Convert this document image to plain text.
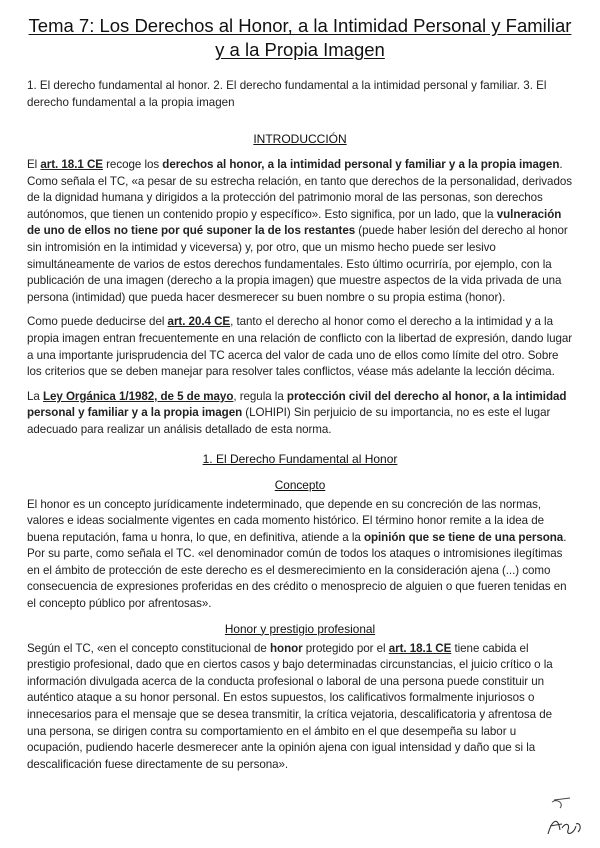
Tema 7: Los Derechos al Honor, a la Intimidad Personal y Familiar y a la Propia Imagen
1. El derecho fundamental al honor. 2. El derecho fundamental a la intimidad personal y familiar. 3. El derecho fundamental a la propia imagen
INTRODUCCIÓN

El art. 18.1 CE recoge los derechos al honor, a la intimidad personal y familiar y a la propia imagen. Como señala el TC, «a pesar de su estrecha relación, en tanto que derechos de la personalidad, derivados de la dignidad humana y dirigidos a la protección del patrimonio moral de las personas, son derechos autónomos, que tienen un contenido propio y específico». Esto significa, por un lado, que la vulneración de uno de ellos no tiene por qué suponer la de los restantes (puede haber lesión del derecho al honor sin intromisión en la intimidad y viceversa) y, por otro, que un mismo hecho puede ser lesivo simultáneamente de varios de estos derechos fundamentales. Esto último ocurriría, por ejemplo, con la publicación de una imagen (derecho a la propia imagen) que muestre aspectos de la vida privada de una persona (intimidad) que pueda hacer desmerecer su buen nombre o su propia estima (honor).

Como puede deducirse del art. 20.4 CE, tanto el derecho al honor como el derecho a la intimidad y a la propia imagen entran frecuentemente en una relación de conflicto con la libertad de expresión, dando lugar a una importante jurisprudencia del TC acerca del valor de cada uno de ellos como límite del otro. Sobre los criterios que se deben manejar para resolver tales conflictos, véase más adelante la lección décima.

La Ley Orgánica 1/1982, de 5 de mayo, regula la protección civil del derecho al honor, a la intimidad personal y familiar y a la propia imagen (LOHIPI) Sin perjuicio de su importancia, no es este el lugar adecuado para realizar un análisis detallado de esta norma.

1. El Derecho Fundamental al Honor
Concepto

El honor es un concepto jurídicamente indeterminado, que depende en su concreción de las normas, valores e ideas socialmente vigentes en cada momento histórico. El término honor remite a la idea de buena reputación, fama u honra, lo que, en definitiva, atiende a la opinión que se tiene de una persona. Por su parte, como señala el TC. «el denominador común de todos los ataques o intromisiones ilegítimas en el ámbito de protección de este derecho es el desmerecimiento en la consideración ajena (...) como consecuencia de expresiones proferidas en des crédito o menosprecio de alguien o que fueren tenidas en el concepto público por afrentosas».

Honor y prestigio profesional

Según el TC, «en el concepto constitucional de honor protegido por el art. 18.1 CE tiene cabida el prestigio profesional, dado que en ciertos casos y bajo determinadas circunstancias, el juicio crítico o la información divulgada acerca de la conducta profesional o laboral de una persona puede constituir un auténtico ataque a su honor personal. En estos supuestos, los calificativos formalmente injuriosos o innecesarios para el mensaje que se desea transmitir, la crítica vejatoria, descalificatoria y afrentosa de una persona, se dirigen contra su comportamiento en el ámbito en el que desempeña su labor u ocupación, pudiendo hacerle desmerecer ante la opinión ajena con igual intensidad y daño que si la descalificación fuese directamente de su persona».
